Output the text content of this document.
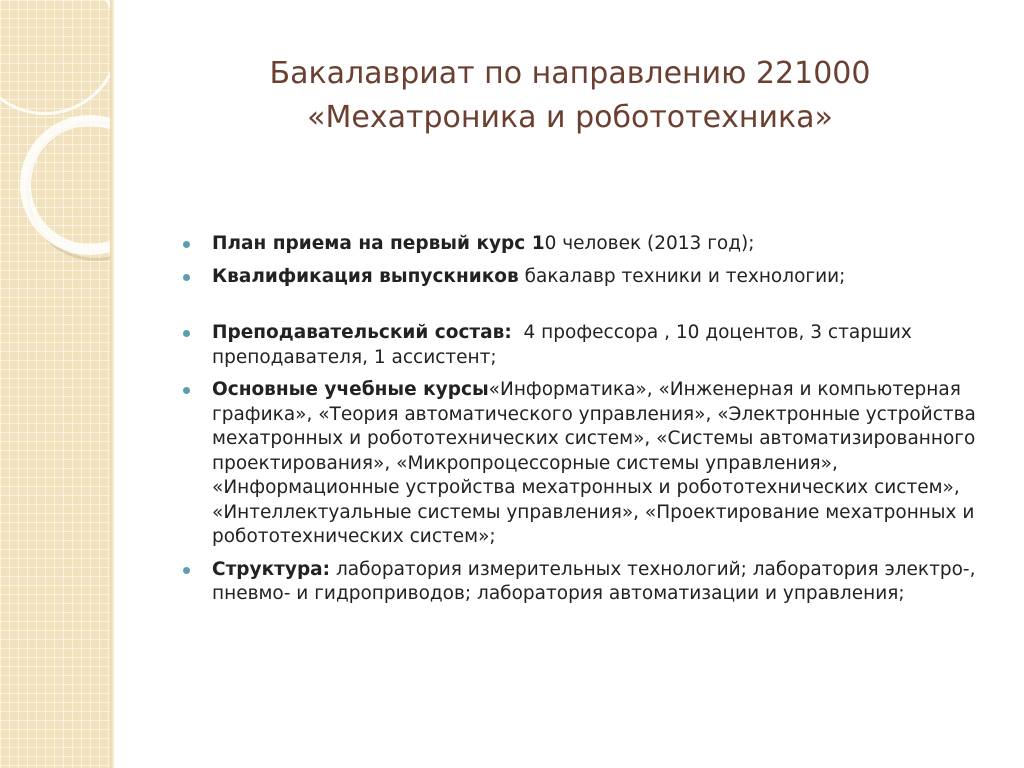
Бакалавриат по направлению 221000
«Мехатроника и робототехника»
План приема на первый курс 10 человек (2013 год);
Квалификация выпускников бакалавр техники и технологии;
Преподавательский состав:  4 профессора , 10 доцентов, 3 старших преподавателя, 1 ассистент;
Основные учебные курсы«Информатика», «Инженерная и компьютерная графика», «Теория автоматического управления», «Электронные устройства мехатронных и робототехнических систем», «Системы автоматизированного проектирования», «Микропроцессорные системы управления», «Информационные устройства мехатронных и робототехнических систем», «Интеллектуальные системы управления», «Проектирование мехатронных и робототехнических систем»;
Структура: лаборатория измерительных технологий; лаборатория электро-, пневмо- и гидроприводов; лаборатория автоматизации и управления;
